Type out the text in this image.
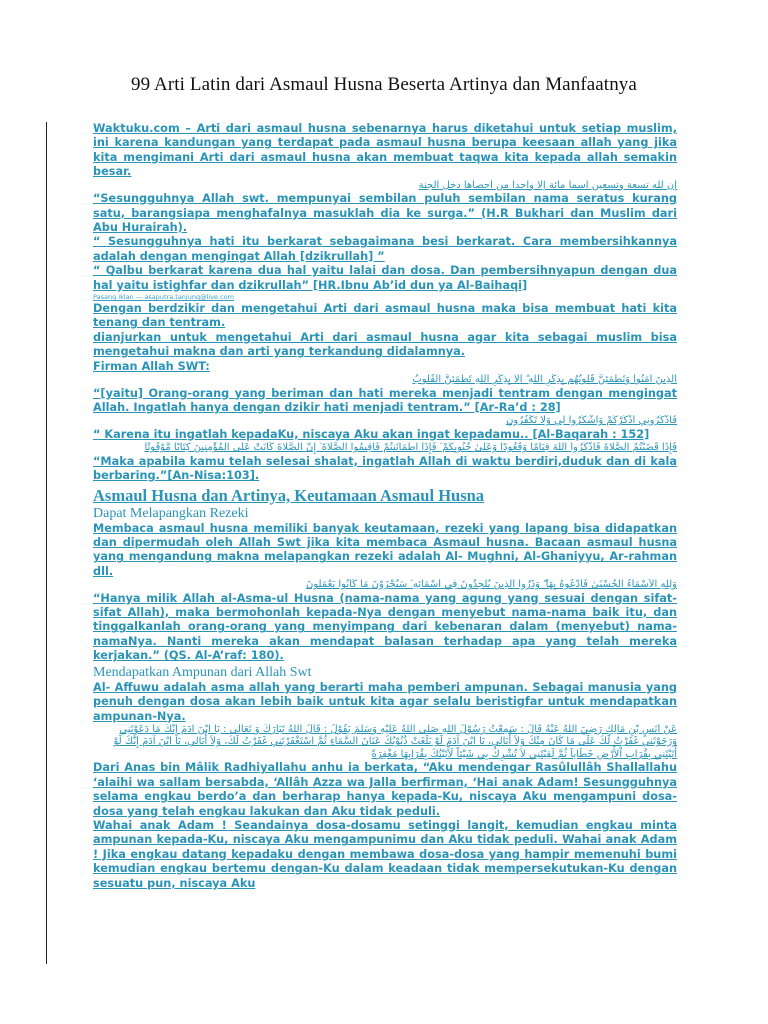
99 Arti Latin dari Asmaul Husna Beserta Artinya dan Manfaatnya

Waktuku.com – Arti dari asmaul husna sebenarnya harus diketahui untuk setiap muslim, ini karena kandungan yang terdapat pada asmaul husna berupa keesaan allah yang jika kita mengimani Arti dari asmaul husna akan membuat taqwa kita kepada allah semakin besar.

إن لله تسعة وتسعين اسما مائة إلا واحدا من أحصاها دخل الجنة

“Sesungguhnya Allah swt. mempunyai sembilan puluh sembilan nama seratus kurang satu, barangsiapa menghafalnya masuklah dia ke surga.” (H.R Bukhari dan Muslim dari Abu Hurairah).

“ Sesungguhnya hati itu berkarat sebagaimana besi berkarat. Cara membersihkannya adalah dengan mengingat Allah [dzikrullah] ”

“ Qalbu berkarat karena dua hal yaitu lalai dan dosa. Dan pembersihnyapun dengan dua hal yaitu istighfar dan dzikrullah” [HR.Ibnu Ab’id dun ya Al-Baihaqi]

Pasang iklan — asaputra.tanjung@live.com

Dengan berdzikir dan mengetahui Arti dari asmaul husna maka bisa membuat hati kita tenang dan tentram.

dianjurkan untuk mengetahui Arti dari asmaul husna agar kita sebagai muslim bisa mengetahui makna dan arti yang terkandung didalamnya.

Firman Allah SWT:

الَّذِينَ آمَنُوا وَتَطْمَئِنُّ قُلُوبُهُم بِذِكْرِ اللَّهِ ۗ أَلَا بِذِكْرِ اللَّهِ تَطْمَئِنُّ الْقُلُوبُ

“[yaitu] Orang-orang yang beriman dan hati mereka menjadi tentram dengan mengingat Allah. Ingatlah hanya dengan dzikir hati menjadi tentram.” [Ar-Ra’d : 28]

فَاذْكُرُونِي أَذْكُرْكُمْ وَاشْكُرُوا لِي وَلَا تَكْفُرُونِ

“ Karena itu ingatlah kepadaKu, niscaya Aku akan ingat kepadamu.. [Al-Baqarah : 152]

فَإِذَا قَضَيْتُمُ الصَّلَاةَ فَاذْكُرُوا اللَّهَ قِيَامًا وَقُعُودًا وَعَلَىٰ جُنُوبِكُمْ ۚ فَإِذَا اطْمَأْنَنتُمْ فَأَقِيمُوا الصَّلَاةَ ۚ إِنَّ الصَّلَاةَ كَانَتْ عَلَى الْمُؤْمِنِينَ كِتَابًا مَّوْقُوتًا

“Maka apabila kamu telah selesai shalat, ingatlah Allah di waktu berdiri,duduk dan di kala berbaring.”[An-Nisa:103].

Asmaul Husna dan Artinya, Keutamaan Asmaul Husna

Dapat Melapangkan Rezeki

Membaca asmaul husna memiliki banyak keutamaan, rezeki yang lapang bisa didapatkan dan dipermudah oleh Allah Swt jika kita membaca Asmaul husna. Bacaan asmaul husna yang mengandung makna melapangkan rezeki adalah Al- Mughni, Al-Ghaniyyu, Ar-rahman dll.

وَلِلَّهِ الْأَسْمَاءُ الْحُسْنَىٰ فَادْعُوهُ بِهَا ۖ وَذَرُوا الَّذِينَ يُلْحِدُونَ فِي أَسْمَائِهِ ۚ سَيُجْزَوْنَ مَا كَانُوا يَعْمَلُونَ

“Hanya milik Allah al-Asma-ul Husna (nama-nama yang agung yang sesuai dengan sifat-sifat Allah), maka bermohonlah kepada-Nya dengan menyebut nama-nama baik itu, dan tinggalkanlah orang-orang yang menyimpang dari kebenaran dalam (menyebut) nama-namaNya. Nanti mereka akan mendapat balasan terhadap apa yang telah mereka kerjakan.” (QS. Al-A’raf: 180).

Mendapatkan Ampunan dari Allah Swt

Al- Affuwu adalah asma allah yang berarti maha pemberi ampunan. Sebagai manusia yang penuh dengan dosa akan lebih baik untuk kita agar selalu beristigfar untuk mendapatkan ampunan-Nya.

عَنْ أَنَسٍ بْنِ مَالِكٍ رَضِيَ اللهُ عَنْهُ قَالَ : سَمِعْتُ رَسُوْلَ اللهِ صَلَّى اللهُ عَلَيْهِ وَسَلَّمَ يَقُوْلُ : قَالَ اللهُ تَبَارَكَ وَ تَعَالَى : يَا ابْنَ آدَمَ إِنَّكَ مَا دَعَوْتَنِي وَرَجَوْتَنِي غَفَرْتُ لَكَ عَلَى مَا كَانَ مِنْكَ وَلاَ أُبَالِي، يَا ابْنَ آدَمَ لَوْ بَلَغَتْ ذُنُوْبُكَ عَنَانَ السَّمَاءِ ثُمَّ اسْتَغْفَرْتَنِي غَفَرْتُ لَكَ، وَلاَ أُبَالِي، يَا ابْنَ آدَمَ إِنَّكَ لَوْ أَتَيْتَنِي بِقُرَابِ اْلأَرْضِ خَطَاياَ ثُمَّ لَقِيْتَنِي لاَ تُشْرِكُ بِي شَيْئاً لَأَتَيْتُكَ بِقُرَابِهَا مَغْفِرَةً

Dari Anas bin Mâlik Radhiyallahu anhu ia berkata, “Aku mendengar Rasûlullâh Shallallahu ‘alaihi wa sallam bersabda, ‘Allâh Azza wa Jalla berfirman, ‘Hai anak Adam! Sesungguhnya selama engkau berdo’a dan berharap hanya kepada-Ku, niscaya Aku mengampuni dosa-dosa yang telah engkau lakukan dan Aku tidak peduli.

Wahai anak Adam ! Seandainya dosa-dosamu setinggi langit, kemudian engkau minta ampunan kepada-Ku, niscaya Aku mengampunimu dan Aku tidak peduli. Wahai anak Adam ! Jika engkau datang kepadaku dengan membawa dosa-dosa yang hampir memenuhi bumi kemudian engkau bertemu dengan-Ku dalam keadaan tidak mempersekutukan-Ku dengan sesuatu pun, niscaya Aku
